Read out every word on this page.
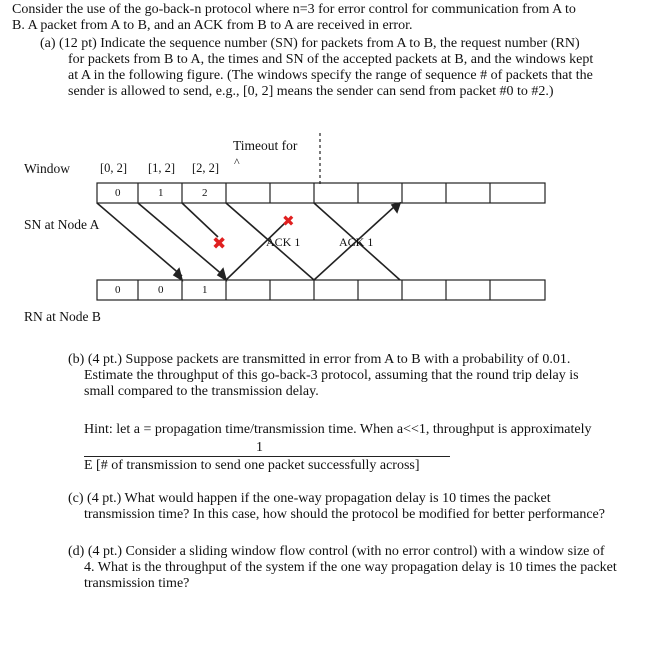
Consider the use of the go-back-n protocol where n=3 for error control for communication from A to
B. A packet from A to B, and an ACK from B to A are received in error.
(a) (12 pt) Indicate the sequence number (SN) for packets from A to B, the request number (RN)
for packets from B to A, the times and SN of the accepted packets at B, and the windows kept
at A in the following figure. (The windows specify the range of sequence # of packets that the
sender is allowed to send, e.g., [0, 2] means the sender can send from packet #0 to #2.)
✖
✖
Timeout for
^
Window [0, 2] [1, 2] [2, 2]
0	1	2
SN at Node A
ACK 1	ACK 1
0	0	1
RN at Node B
(b) (4 pt.) Suppose packets are transmitted in error from A to B with a probability of 0.01.
Estimate the throughput of this go-back-3 protocol, assuming that the round trip delay is
small compared to the transmission delay.
Hint: let a = propagation time/transmission time. When a<<1, throughput is approximately
1
E [# of transmission to send one packet successfully across]
(c) (4 pt.) What would happen if the one-way propagation delay is 10 times the packet
transmission time? In this case, how should the protocol be modified for better performance?
(d) (4 pt.) Consider a sliding window flow control (with no error control) with a window size of
4. What is the throughput of the system if the one way propagation delay is 10 times the packet
transmission time?
